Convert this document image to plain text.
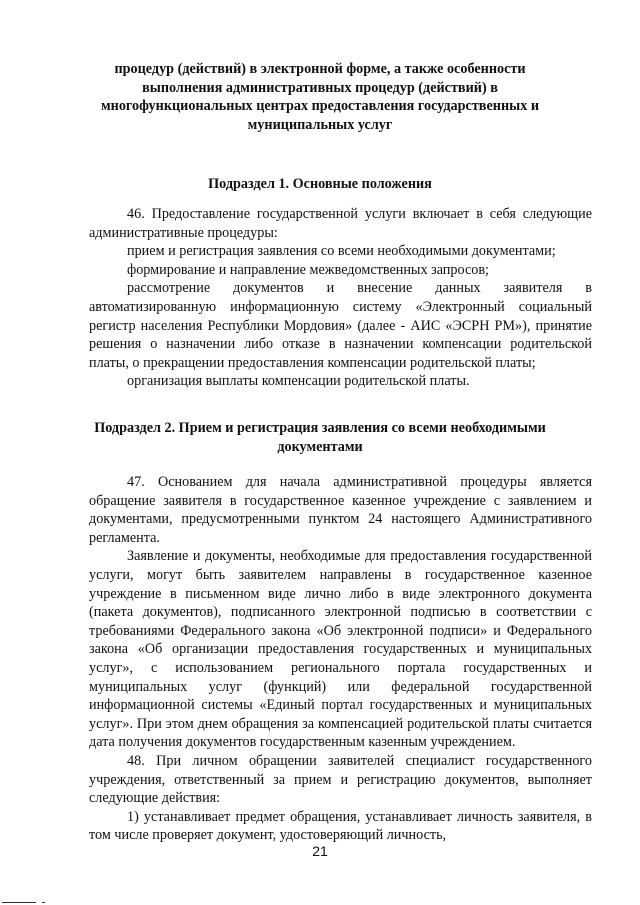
процедур (действий) в электронной форме, а также особенности выполнения административных процедур (действий) в многофункциональных центрах предоставления государственных и муниципальных услуг
Подраздел 1. Основные положения

46. Предоставление государственной услуги включает в себя следующие административные процедуры:

прием и регистрация заявления со всеми необходимыми документами;

формирование и направление межведомственных запросов;

рассмотрение документов и внесение данных заявителя в автоматизированную информационную систему «Электронный социальный регистр населения Республики Мордовия» (далее - АИС «ЭСРН РМ»), принятие решения о назначении либо отказе в назначении компенсации родительской платы, о прекращении предоставления компенсации родительской платы;

организация выплаты компенсации родительской платы.

Подраздел 2. Прием и регистрация заявления со всеми необходимыми документами

47. Основанием для начала административной процедуры является обращение заявителя в государственное казенное учреждение с заявлением и документами, предусмотренными пунктом 24 настоящего Административного регламента.

Заявление и документы, необходимые для предоставления государственной услуги, могут быть заявителем направлены в государственное казенное учреждение в письменном виде лично либо в виде электронного документа (пакета документов), подписанного электронной подписью в соответствии с требованиями Федерального закона «Об электронной подписи» и Федерального закона «Об организации предоставления государственных и муниципальных услуг», с использованием регионального портала государственных и муниципальных услуг (функций) или федеральной государственной информационной системы «Единый портал государственных и муниципальных услуг». При этом днем обращения за компенсацией родительской платы считается дата получения документов государственным казенным учреждением.

48. При личном обращении заявителей специалист государственного учреждения, ответственный за прием и регистрацию документов, выполняет следующие действия:

1) устанавливает предмет обращения, устанавливает личность заявителя, в том числе проверяет документ, удостоверяющий личность,

21
